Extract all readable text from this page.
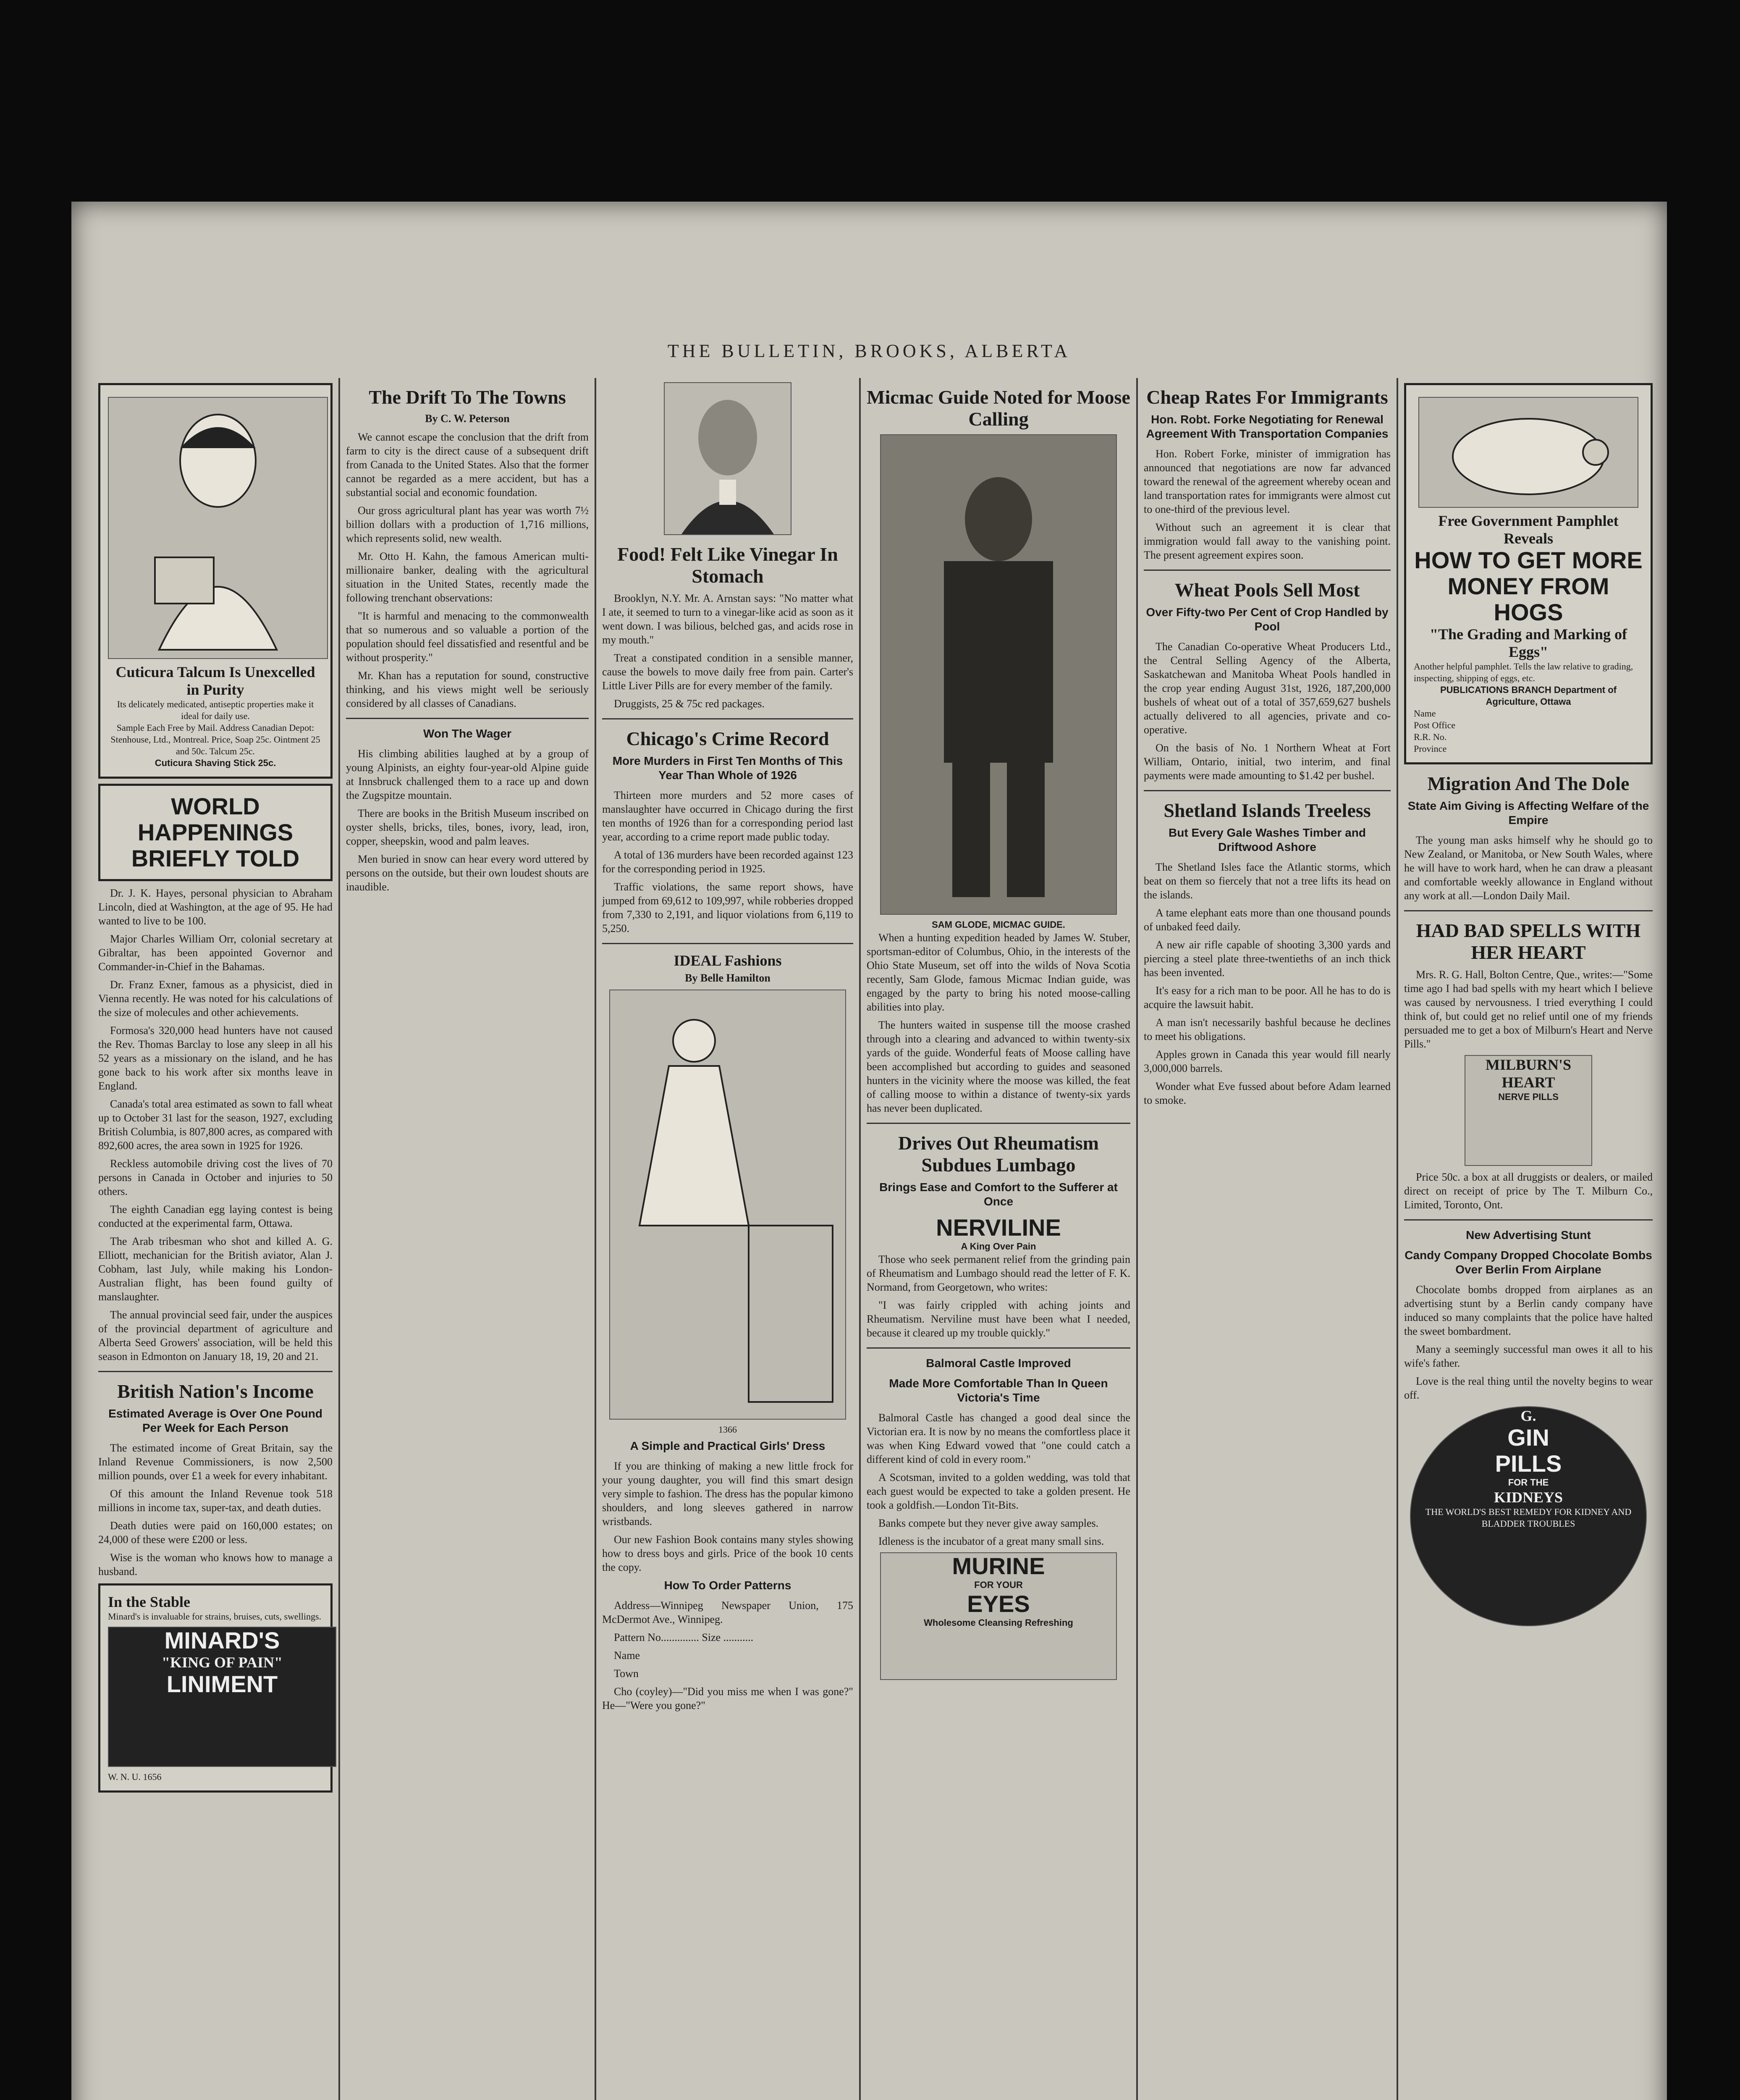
THE BULLETIN, BROOKS, ALBERTA
Cuticura Talcum Is Unexcelled in Purity
Its delicately medicated, antiseptic properties make it ideal for daily use.
Sample Each Free by Mail. Address Canadian Depot: Stenhouse, Ltd., Montreal. Price, Soap 25c. Ointment 25 and 50c. Talcum 25c.
Cuticura Shaving Stick 25c.
WORLD HAPPENINGS BRIEFLY TOLD

Dr. J. K. Hayes, personal physician to Abraham Lincoln, died at Washington, at the age of 95. He had wanted to live to be 100.

Major Charles William Orr, colonial secretary at Gibraltar, has been appointed Governor and Commander-in-Chief in the Bahamas.

Dr. Franz Exner, famous as a physicist, died in Vienna recently. He was noted for his calculations of the size of molecules and other achievements.

Formosa's 320,000 head hunters have not caused the Rev. Thomas Barclay to lose any sleep in all his 52 years as a missionary on the island, and he has gone back to his work after six months leave in England.

Canada's total area estimated as sown to fall wheat up to October 31 last for the season, 1927, excluding British Columbia, is 807,800 acres, as compared with 892,600 acres, the area sown in 1925 for 1926.

Reckless automobile driving cost the lives of 70 persons in Canada in October and injuries to 50 others.

The eighth Canadian egg laying contest is being conducted at the experimental farm, Ottawa.

The Arab tribesman who shot and killed A. G. Elliott, mechanician for the British aviator, Alan J. Cobham, last July, while making his London-Australian flight, has been found guilty of manslaughter.

The annual provincial seed fair, under the auspices of the provincial department of agriculture and Alberta Seed Growers' association, will be held this season in Edmonton on January 18, 19, 20 and 21.

British Nation's Income
Estimated Average is Over One Pound Per Week for Each Person

The estimated income of Great Britain, say the Inland Revenue Commissioners, is now 2,500 million pounds, over £1 a week for every inhabitant.

Of this amount the Inland Revenue took 518 millions in income tax, super-tax, and death duties.

Death duties were paid on 160,000 estates; on 24,000 of these were £200 or less.

Wise is the woman who knows how to manage a husband.

In the Stable
Minard's is invaluable for strains, bruises, cuts, swellings.
MINARD'S
"KING OF PAIN"
LINIMENT
W. N. U. 1656
The Drift To The Towns
By C. W. Peterson

We cannot escape the conclusion that the drift from farm to city is the direct cause of a subsequent drift from Canada to the United States. Also that the former cannot be regarded as a mere accident, but has a substantial social and economic foundation.

Our gross agricultural plant has year was worth 7½ billion dollars with a production of 1,716 millions, which represents solid, new wealth.

Mr. Otto H. Kahn, the famous American multi-millionaire banker, dealing with the agricultural situation in the United States, recently made the following trenchant observations:

"It is harmful and menacing to the commonwealth that so numerous and so valuable a portion of the population should feel dissatisfied and resentful and be without prosperity."

Mr. Khan has a reputation for sound, constructive thinking, and his views might well be seriously considered by all classes of Canadians.

Won The Wager

His climbing abilities laughed at by a group of young Alpinists, an eighty four-year-old Alpine guide at Innsbruck challenged them to a race up and down the Zugspitze mountain.

There are books in the British Museum inscribed on oyster shells, bricks, tiles, bones, ivory, lead, iron, copper, sheepskin, wood and palm leaves.

Men buried in snow can hear every word uttered by persons on the outside, but their own loudest shouts are inaudible.

Food! Felt Like Vinegar In Stomach

Brooklyn, N.Y. Mr. A. Arnstan says: "No matter what I ate, it seemed to turn to a vinegar-like acid as soon as it went down. I was bilious, belched gas, and acids rose in my mouth."

Treat a constipated condition in a sensible manner, cause the bowels to move daily free from pain. Carter's Little Liver Pills are for every member of the family.

Druggists, 25 & 75c red packages.

Chicago's Crime Record
More Murders in First Ten Months of This Year Than Whole of 1926

Thirteen more murders and 52 more cases of manslaughter have occurred in Chicago during the first ten months of 1926 than for a corresponding period last year, according to a crime report made public today.

A total of 136 murders have been recorded against 123 for the corresponding period in 1925.

Traffic violations, the same report shows, have jumped from 69,612 to 109,997, while robberies dropped from 7,330 to 2,191, and liquor violations from 6,119 to 5,250.

IDEAL Fashions
By Belle Hamilton
1366
A Simple and Practical Girls' Dress

If you are thinking of making a new little frock for your young daughter, you will find this smart design very simple to fashion. The dress has the popular kimono shoulders, and long sleeves gathered in narrow wristbands.

Our new Fashion Book contains many styles showing how to dress boys and girls. Price of the book 10 cents the copy.

How To Order Patterns

Address—Winnipeg Newspaper Union, 175 McDermot Ave., Winnipeg.

Pattern No.............. Size ...........

Name

Town

Cho (coyley)—"Did you miss me when I was gone?" He—"Were you gone?"

Micmac Guide Noted for Moose Calling
SAM GLODE, MICMAC GUIDE.

When a hunting expedition headed by James W. Stuber, sportsman-editor of Columbus, Ohio, in the interests of the Ohio State Museum, set off into the wilds of Nova Scotia recently, Sam Glode, famous Micmac Indian guide, was engaged by the party to bring his noted moose-calling abilities into play.

The hunters waited in suspense till the moose crashed through into a clearing and advanced to within twenty-six yards of the guide. Wonderful feats of Moose calling have been accomplished but according to guides and seasoned hunters in the vicinity where the moose was killed, the feat of calling moose to within a distance of twenty-six yards has never been duplicated.

Drives Out Rheumatism Subdues Lumbago
Brings Ease and Comfort to the Sufferer at Once
NERVILINE
A King Over Pain

Those who seek permanent relief from the grinding pain of Rheumatism and Lumbago should read the letter of F. K. Normand, from Georgetown, who writes:

"I was fairly crippled with aching joints and Rheumatism. Nerviline must have been what I needed, because it cleared up my trouble quickly."

Balmoral Castle Improved
Made More Comfortable Than In Queen Victoria's Time

Balmoral Castle has changed a good deal since the Victorian era. It is now by no means the comfortless place it was when King Edward vowed that "one could catch a different kind of cold in every room."

A Scotsman, invited to a golden wedding, was told that each guest would be expected to take a golden present. He took a goldfish.—London Tit-Bits.

Banks compete but they never give away samples.

Idleness is the incubator of a great many small sins.

MURINE
FOR YOUR
EYES
Wholesome Cleansing Refreshing
Cheap Rates For Immigrants
Hon. Robt. Forke Negotiating for Renewal Agreement With Transportation Companies

Hon. Robert Forke, minister of immigration has announced that negotiations are now far advanced toward the renewal of the agreement whereby ocean and land transportation rates for immigrants were almost cut to one-third of the previous level.

Without such an agreement it is clear that immigration would fall away to the vanishing point. The present agreement expires soon.

Wheat Pools Sell Most
Over Fifty-two Per Cent of Crop Handled by Pool

The Canadian Co-operative Wheat Producers Ltd., the Central Selling Agency of the Alberta, Saskatchewan and Manitoba Wheat Pools handled in the crop year ending August 31st, 1926, 187,200,000 bushels of wheat out of a total of 357,659,627 bushels actually delivered to all agencies, private and co-operative.

On the basis of No. 1 Northern Wheat at Fort William, Ontario, initial, two interim, and final payments were made amounting to $1.42 per bushel.

Shetland Islands Treeless
But Every Gale Washes Timber and Driftwood Ashore

The Shetland Isles face the Atlantic storms, which beat on them so fiercely that not a tree lifts its head on the islands.

A tame elephant eats more than one thousand pounds of unbaked feed daily.

A new air rifle capable of shooting 3,300 yards and piercing a steel plate three-twentieths of an inch thick has been invented.

It's easy for a rich man to be poor. All he has to do is acquire the lawsuit habit.

A man isn't necessarily bashful because he declines to meet his obligations.

Apples grown in Canada this year would fill nearly 3,000,000 barrels.

Wonder what Eve fussed about before Adam learned to smoke.

Free Government Pamphlet Reveals
HOW TO GET MORE MONEY FROM HOGS
"The Grading and Marking of Eggs"
Another helpful pamphlet. Tells the law relative to grading, inspecting, shipping of eggs, etc.
PUBLICATIONS BRANCH Department of Agriculture, Ottawa
Name
Post Office
R.R. No.
Province
Migration And The Dole
State Aim Giving is Affecting Welfare of the Empire

The young man asks himself why he should go to New Zealand, or Manitoba, or New South Wales, where he will have to work hard, when he can draw a pleasant and comfortable weekly allowance in England without any work at all.—London Daily Mail.

HAD BAD SPELLS WITH HER HEART

Mrs. R. G. Hall, Bolton Centre, Que., writes:—"Some time ago I had bad spells with my heart which I believe was caused by nervousness. I tried everything I could think of, but could get no relief until one of my friends persuaded me to get a box of Milburn's Heart and Nerve Pills."

MILBURN'S
HEART
NERVE PILLS

Price 50c. a box at all druggists or dealers, or mailed direct on receipt of price by The T. Milburn Co., Limited, Toronto, Ont.

New Advertising Stunt
Candy Company Dropped Chocolate Bombs Over Berlin From Airplane

Chocolate bombs dropped from airplanes as an advertising stunt by a Berlin candy company have induced so many complaints that the police have halted the sweet bombardment.

Many a seemingly successful man owes it all to his wife's father.

Love is the real thing until the novelty begins to wear off.

G.
GIN
PILLS
FOR THE
KIDNEYS
THE WORLD'S BEST REMEDY FOR KIDNEY AND BLADDER TROUBLES
